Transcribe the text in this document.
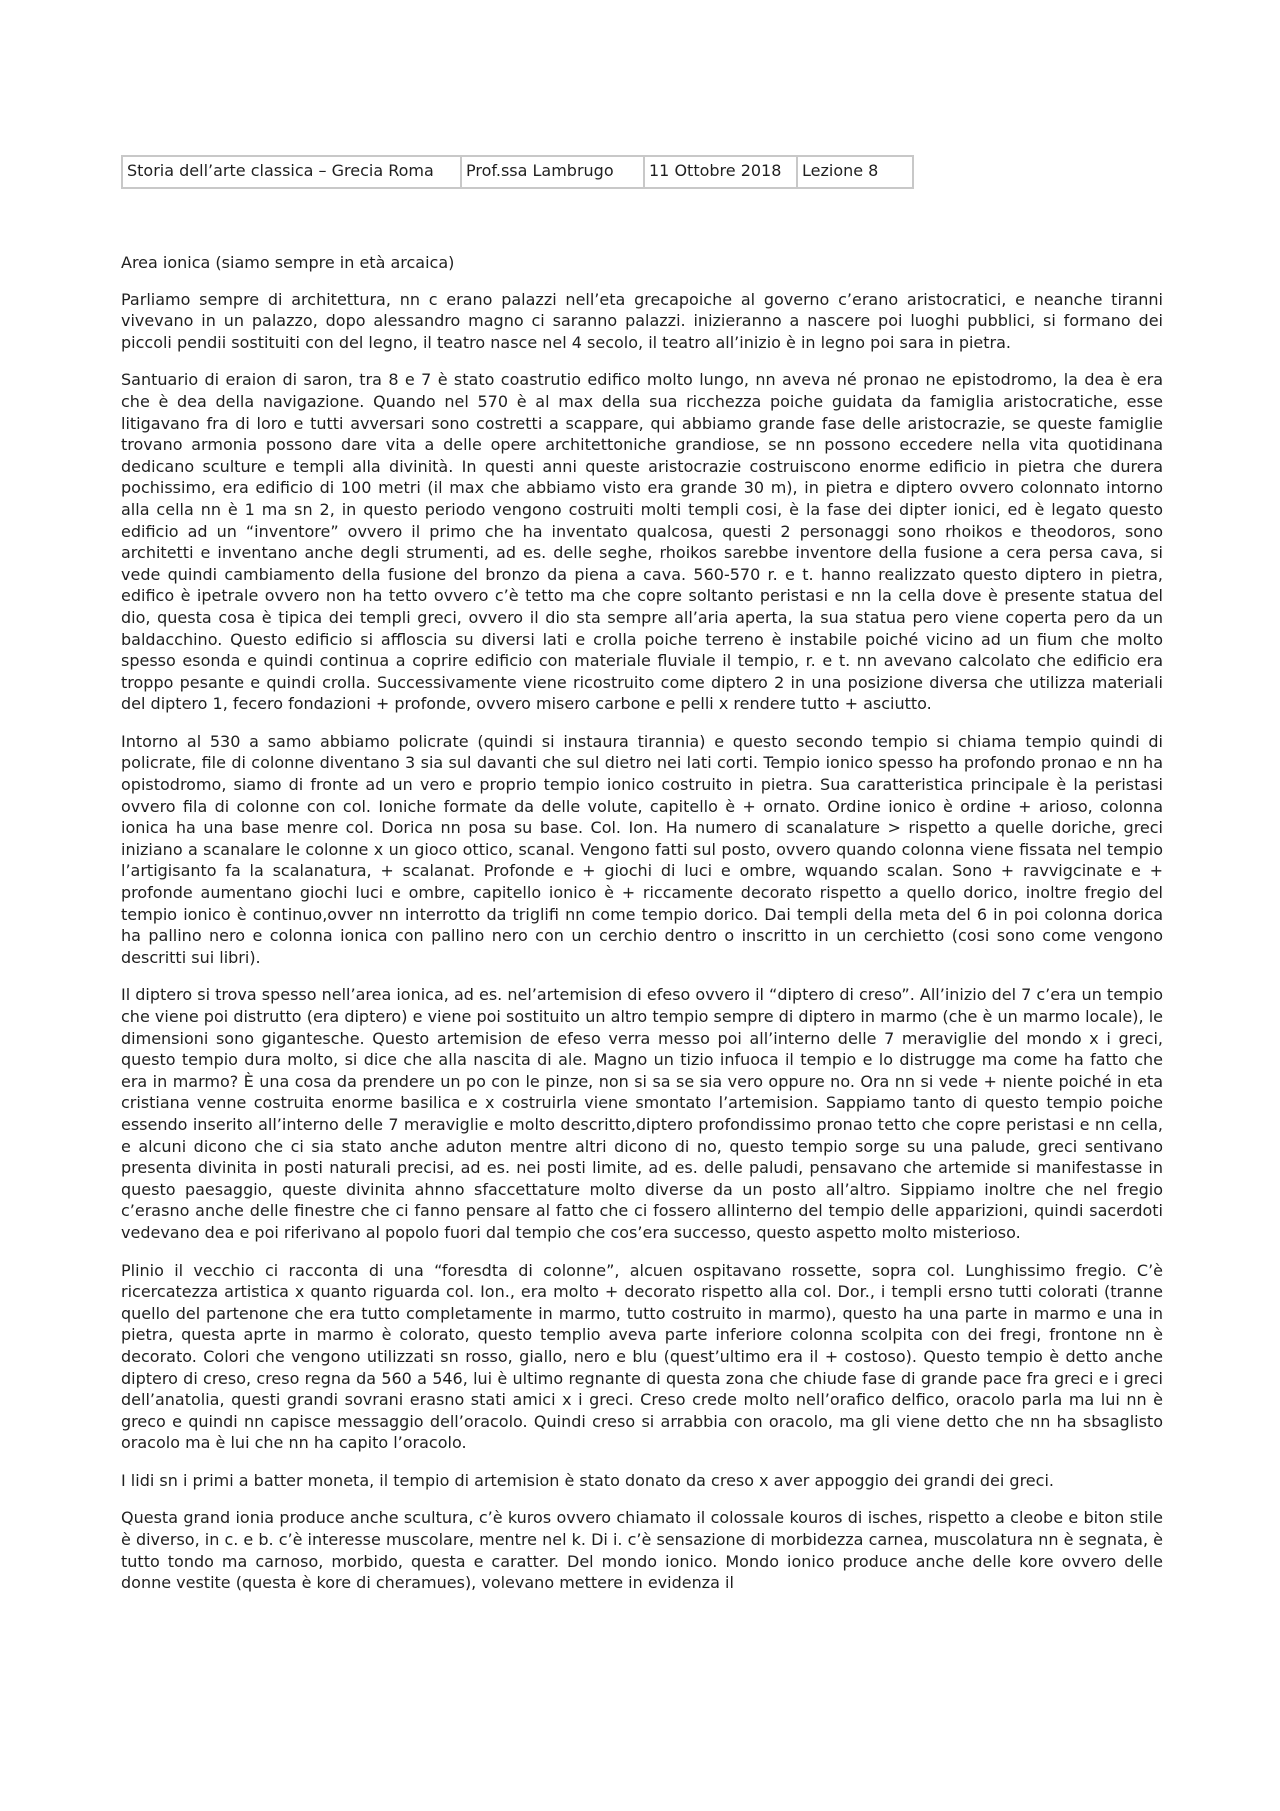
Storia dell’arte classica – Grecia Roma	Prof.ssa Lambrugo	11 Ottobre 2018	Lezione 8

Area ionica (siamo sempre in età arcaica)

Parliamo sempre di architettura, nn c erano palazzi nell’eta grecapoiche al governo c’erano aristocratici, e neanche tiranni vivevano in un palazzo, dopo alessandro magno ci saranno palazzi. inizieranno a nascere poi luoghi pubblici, si formano dei piccoli pendii sostituiti con del legno, il teatro nasce nel 4 secolo, il teatro all’inizio è in legno poi sara in pietra.

Santuario di eraion di saron, tra 8 e 7 è stato coastrutio edifico molto lungo, nn aveva né pronao ne epistodromo, la dea è era che è dea della navigazione. Quando nel 570 è al max della sua ricchezza poiche guidata da famiglia aristocratiche, esse litigavano fra di loro e tutti avversari sono costretti a scappare, qui abbiamo grande fase delle aristocrazie, se queste famiglie trovano armonia possono dare vita a delle opere architettoniche grandiose, se nn possono eccedere nella vita quotidinana dedicano sculture e templi alla divinità. In questi anni queste aristocrazie costruiscono enorme edificio in pietra che durera pochissimo, era edificio di 100 metri (il max che abbiamo visto era grande 30 m), in pietra e diptero ovvero colonnato intorno alla cella nn è 1 ma sn 2, in questo periodo vengono costruiti molti templi cosi, è la fase dei dipter ionici, ed è legato questo edificio ad un “inventore” ovvero il primo che ha inventato qualcosa, questi 2 personaggi sono rhoikos e theodoros, sono architetti e inventano anche degli strumenti, ad es. delle seghe, rhoikos sarebbe inventore della fusione a cera persa cava, si vede quindi cambiamento della fusione del bronzo da piena a cava. 560-570 r. e t. hanno realizzato questo diptero in pietra, edifico è ipetrale ovvero non ha tetto ovvero c’è tetto ma che copre soltanto peristasi e nn la cella dove è presente statua del dio, questa cosa è tipica dei templi greci, ovvero il dio sta sempre all’aria aperta, la sua statua pero viene coperta pero da un baldacchino. Questo edificio si affloscia su diversi lati e crolla poiche terreno è instabile poiché vicino ad un fium che molto spesso esonda e quindi continua a coprire edificio con materiale fluviale il tempio, r. e t. nn avevano calcolato che edificio era troppo pesante e quindi crolla. Successivamente viene ricostruito come diptero 2 in una posizione diversa che utilizza materiali del diptero 1, fecero fondazioni + profonde, ovvero misero carbone e pelli x rendere tutto + asciutto.

Intorno al 530 a samo abbiamo policrate (quindi si instaura tirannia) e questo secondo tempio si chiama tempio quindi di policrate, file di colonne diventano 3 sia sul davanti che sul dietro nei lati corti. Tempio ionico spesso ha profondo pronao e nn ha opistodromo, siamo di fronte ad un vero e proprio tempio ionico costruito in pietra. Sua caratteristica principale è la peristasi ovvero fila di colonne con col. Ioniche formate da delle volute, capitello è + ornato. Ordine ionico è ordine + arioso, colonna ionica ha una base menre col. Dorica nn posa su base. Col. Ion. Ha numero di scanalature > rispetto a quelle doriche, greci iniziano a scanalare le colonne x un gioco ottico, scanal. Vengono fatti sul posto, ovvero quando colonna viene fissata nel tempio l’artigisanto fa la scalanatura, + scalanat. Profonde e + giochi di luci e ombre, wquando scalan. Sono + ravvigcinate e + profonde aumentano giochi luci e ombre, capitello ionico è + riccamente decorato rispetto a quello dorico, inoltre fregio del tempio ionico è continuo,ovver nn interrotto da triglifi nn come tempio dorico. Dai templi della meta del 6 in poi colonna dorica ha pallino nero e colonna ionica con pallino nero con un cerchio dentro o inscritto in un cerchietto (cosi sono come vengono descritti sui libri).

Il diptero si trova spesso nell’area ionica, ad es. nel’artemision di efeso ovvero il “diptero di creso”. All’inizio del 7 c’era un tempio che viene poi distrutto (era diptero) e viene poi sostituito un altro tempio sempre di diptero in marmo (che è un marmo locale), le dimensioni sono gigantesche. Questo artemision de efeso verra messo poi all’interno delle 7 meraviglie del mondo x i greci, questo tempio dura molto, si dice che alla nascita di ale. Magno un tizio infuoca il tempio e lo distrugge ma come ha fatto che era in marmo? È una cosa da prendere un po con le pinze, non si sa se sia vero oppure no. Ora nn si vede + niente poiché in eta cristiana venne costruita enorme basilica e x costruirla viene smontato l’artemision. Sappiamo tanto di questo tempio poiche essendo inserito all’interno delle 7 meraviglie e molto descritto,diptero profondissimo pronao tetto che copre peristasi e nn cella, e alcuni dicono che ci sia stato anche aduton mentre altri dicono di no, questo tempio sorge su una palude, greci sentivano presenta divinita in posti naturali precisi, ad es. nei posti limite, ad es. delle paludi, pensavano che artemide si manifestasse in questo paesaggio, queste divinita ahnno sfaccettature molto diverse da un posto all’altro. Sippiamo inoltre che nel fregio c’erasno anche delle finestre che ci fanno pensare al fatto che ci fossero allinterno del tempio delle apparizioni, quindi sacerdoti vedevano dea e poi riferivano al popolo fuori dal tempio che cos’era successo, questo aspetto molto misterioso.

Plinio il vecchio ci racconta di una “foresdta di colonne”, alcuen ospitavano rossette, sopra col. Lunghissimo fregio. C’è ricercatezza artistica x quanto riguarda col. Ion., era molto + decorato rispetto alla col. Dor., i templi ersno tutti colorati (tranne quello del partenone che era tutto completamente in marmo, tutto costruito in marmo), questo ha una parte in marmo e una in pietra, questa aprte in marmo è colorato, questo templio aveva parte inferiore colonna scolpita con dei fregi, frontone nn è decorato. Colori che vengono utilizzati sn rosso, giallo, nero e blu (quest’ultimo era il + costoso). Questo tempio è detto anche diptero di creso, creso regna da 560 a 546, lui è ultimo regnante di questa zona che chiude fase di grande pace fra greci e i greci dell’anatolia, questi grandi sovrani erasno stati amici x i greci. Creso crede molto nell’orafico delfico, oracolo parla ma lui nn è greco e quindi nn capisce messaggio dell’oracolo. Quindi creso si arrabbia con oracolo, ma gli viene detto che nn ha sbsaglisto oracolo ma è lui che nn ha capito l’oracolo.

I lidi sn i primi a batter moneta, il tempio di artemision è stato donato da creso x aver appoggio dei grandi dei greci.

Questa grand ionia produce anche scultura, c’è kuros ovvero chiamato il colossale kouros di isches, rispetto a cleobe e biton stile è diverso, in c. e b. c’è interesse muscolare, mentre nel k. Di i. c’è sensazione di morbidezza carnea, muscolatura nn è segnata, è tutto tondo ma carnoso, morbido, questa e caratter. Del mondo ionico. Mondo ionico produce anche delle kore ovvero delle donne vestite (questa è kore di cheramues), volevano mettere in evidenza il
